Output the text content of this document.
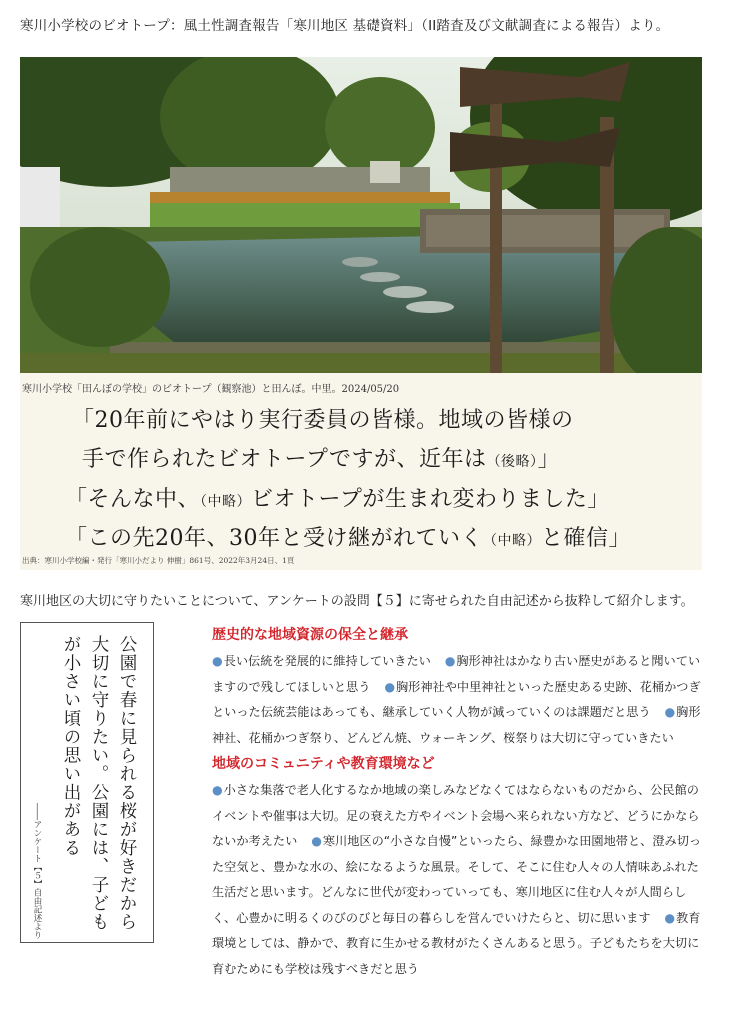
寒川小学校のビオトープ：風土性調査報告「寒川地区 基礎資料」（II踏査及び文献調査による報告）より。
寒川小学校「田んぼの学校」のビオトープ（観察池）と田んぼ。中里。2024/05/20
「20年前にやはり実行委員の皆様。地域の皆様の
手で作られたビオトープですが、近年は（後略）」
「そんな中、（中略）ビオトープが生まれ変わりました」
「この先20年、30年と受け継がれていく（中略）と確信」
出典：寒川小学校編・発行「寒川小だより 伸樹」861号、2022年3月24日、1頁
寒川地区の大切に守りたいことについて、アンケートの設問【５】に寄せられた自由記述から抜粋して紹介します。
公園で春に見られる桜が好きだから大切に守りたい。公園には、子どもが小さい頃の思い出がある
――アンケート【５】自由記述より
歴史的な地域資源の保全と継承

●長い伝統を発展的に維持していきたい ●胸形神社はかなり古い歴史があると聞いていますので残してほしいと思う ●胸形神社や中里神社といった歴史ある史跡、花桶かつぎといった伝統芸能はあっても、継承していく人物が減っていくのは課題だと思う ●胸形神社、花桶かつぎ祭り、どんどん焼、ウォーキング、桜祭りは大切に守っていきたい

地域のコミュニティや教育環境など

●小さな集落で老人化するなか地域の楽しみなどなくてはならないものだから、公民館のイベントや催事は大切。足の衰えた方やイベント会場へ来られない方など、どうにかならないか考えたい ●寒川地区の“小さな自慢”といったら、緑豊かな田園地帯と、澄み切った空気と、豊かな水の、絵になるような風景。そして、そこに住む人々の人情味あふれた生活だと思います。どんなに世代が変わっていっても、寒川地区に住む人々が人間らしく、心豊かに明るくのびのびと毎日の暮らしを営んでいけたらと、切に思います ●教育環境としては、静かで、教育に生かせる教材がたくさんあると思う。子どもたちを大切に育むためにも学校は残すべきだと思う
